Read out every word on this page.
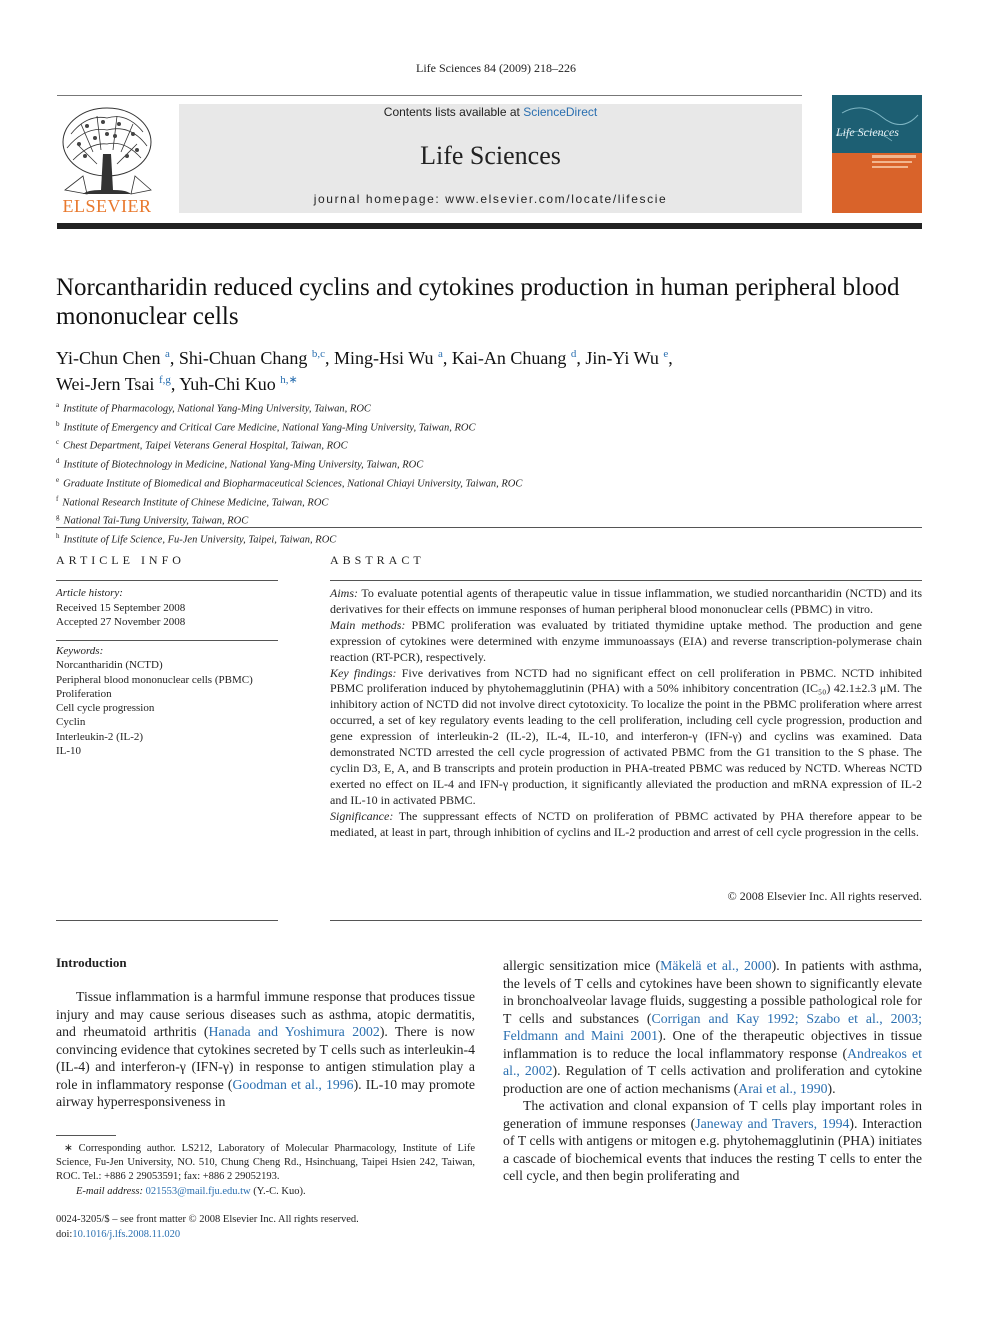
Life Sciences 84 (2009) 218–226
ELSEVIER
Contents lists available at ScienceDirect
Life Sciences
journal homepage: www.elsevier.com/locate/lifescie
Life Sciences
Norcantharidin reduced cyclins and cytokines production in human peripheral blood mononuclear cells
Yi-Chun Chen $^a$, Shi-Chuan Chang $^{b,c}$, Ming-Hsi Wu $^a$, Kai-An Chuang $^d$, Jin-Yi Wu $^e$,
Wei-Jern Tsai $^{f,g}$, Yuh-Chi Kuo $^{h,∗}$
$^a$ Institute of Pharmacology, National Yang-Ming University, Taiwan, ROC
$^b$ Institute of Emergency and Critical Care Medicine, National Yang-Ming University, Taiwan, ROC
$^c$ Chest Department, Taipei Veterans General Hospital, Taiwan, ROC
$^d$ Institute of Biotechnology in Medicine, National Yang-Ming University, Taiwan, ROC
$^e$ Graduate Institute of Biomedical and Biopharmaceutical Sciences, National Chiayi University, Taiwan, ROC
$^f$ National Research Institute of Chinese Medicine, Taiwan, ROC
$^g$ National Tai-Tung University, Taiwan, ROC
$^h$ Institute of Life Science, Fu-Jen University, Taipei, Taiwan, ROC
ARTICLE INFO
Article history:
Received 15 September 2008
Accepted 27 November 2008
Keywords:
Norcantharidin (NCTD)
Peripheral blood mononuclear cells (PBMC)
Proliferation
Cell cycle progression
Cyclin
Interleukin-2 (IL-2)
IL-10
ABSTRACT

Aims: To evaluate potential agents of therapeutic value in tissue inflammation, we studied norcantharidin (NCTD) and its derivatives for their effects on immune responses of human peripheral blood mononuclear cells (PBMC) in vitro.

Main methods: PBMC proliferation was evaluated by tritiated thymidine uptake method. The production and gene expression of cytokines were determined with enzyme immunoassays (EIA) and reverse transcription-polymerase chain reaction (RT-PCR), respectively.

Key findings: Five derivatives from NCTD had no significant effect on cell proliferation in PBMC. NCTD inhibited PBMC proliferation induced by phytohemagglutinin (PHA) with a 50% inhibitory concentration (IC₅₀) 42.1±2.3 μM. The inhibitory action of NCTD did not involve direct cytotoxicity. To localize the point in the PBMC proliferation where arrest occurred, a set of key regulatory events leading to the cell proliferation, including cell cycle progression, production and gene expression of interleukin-2 (IL-2), IL-4, IL-10, and interferon-γ (IFN-γ) and cyclins was examined. Data demonstrated NCTD arrested the cell cycle progression of activated PBMC from the G1 transition to the S phase. The cyclin D3, E, A, and B transcripts and protein production in PHA-treated PBMC was reduced by NCTD. Whereas NCTD exerted no effect on IL-4 and IFN-γ production, it significantly alleviated the production and mRNA expression of IL-2 and IL-10 in activated PBMC.

Significance: The suppressant effects of NCTD on proliferation of PBMC activated by PHA therefore appear to be mediated, at least in part, through inhibition of cyclins and IL-2 production and arrest of cell cycle progression in the cells.

© 2008 Elsevier Inc. All rights reserved.
Introduction

Tissue inflammation is a harmful immune response that produces tissue injury and may cause serious diseases such as asthma, atopic dermatitis, and rheumatoid arthritis (Hanada and Yoshimura 2002). There is now convincing evidence that cytokines secreted by T cells such as interleukin-4 (IL-4) and interferon-γ (IFN-γ) in response to antigen stimulation play a role in inflammatory response (Goodman et al., 1996). IL-10 may promote airway hyperresponsiveness in

allergic sensitization mice (Mäkelä et al., 2000). In patients with asthma, the levels of T cells and cytokines have been shown to significantly elevate in bronchoalveolar lavage fluids, suggesting a possible pathological role for T cells and substances (Corrigan and Kay 1992; Szabo et al., 2003; Feldmann and Maini 2001). One of the therapeutic objectives in tissue inflammation is to reduce the local inflammatory response (Andreakos et al., 2002). Regulation of T cells activation and proliferation and cytokine production are one of action mechanisms (Arai et al., 1990).

The activation and clonal expansion of T cells play important roles in generation of immune responses (Janeway and Travers, 1994). Interaction of T cells with antigens or mitogen e.g. phytohemagglutinin (PHA) initiates a cascade of biochemical events that induces the resting T cells to enter the cell cycle, and then begin proliferating and

∗ Corresponding author. LS212, Laboratory of Molecular Pharmacology, Institute of Life Science, Fu-Jen University, NO. 510, Chung Cheng Rd., Hsinchuang, Taipei Hsien 242, Taiwan, ROC. Tel.: +886 2 29053591; fax: +886 2 29052193.

E-mail address: 021553@mail.fju.edu.tw (Y.-C. Kuo).

0024-3205/$ – see front matter © 2008 Elsevier Inc. All rights reserved.
doi:10.1016/j.lfs.2008.11.020
